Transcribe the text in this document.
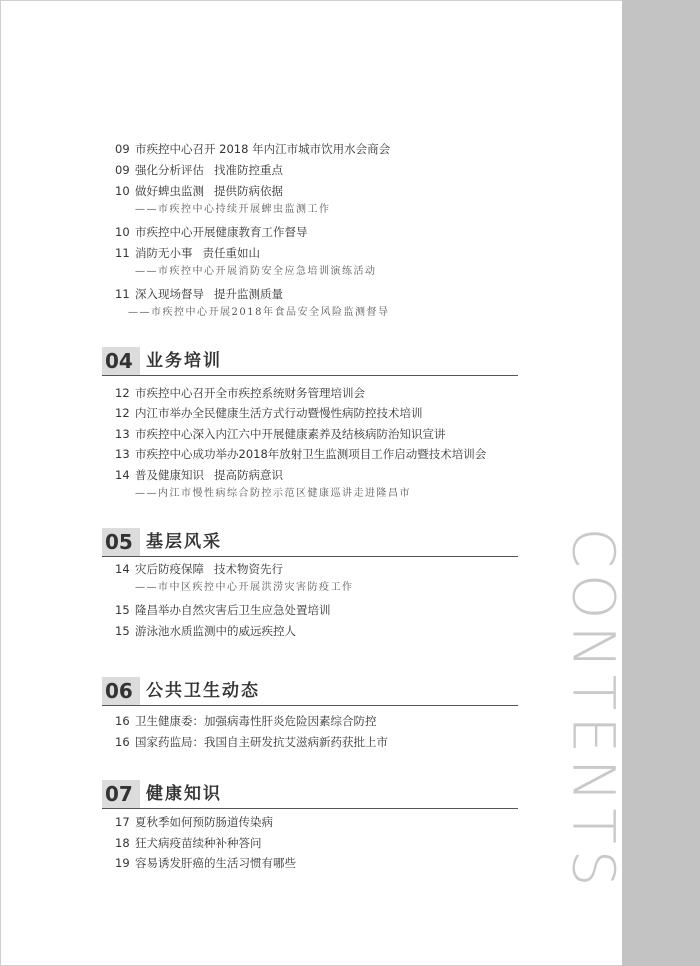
CONTENTS
09 市疾控中心召开 2018 年内江市城市饮用水会商会
09 强化分析评估 找准防控重点
10 做好蜱虫监测 提供防病依据
——市疾控中心持续开展蜱虫监测工作
10 市疾控中心开展健康教育工作督导
11 消防无小事 责任重如山
——市疾控中心开展消防安全应急培训演练活动
11 深入现场督导 提升监测质量
——市疾控中心开展2018年食品安全风险监测督导
04 业务培训
12 市疾控中心召开全市疾控系统财务管理培训会
12 内江市举办全民健康生活方式行动暨慢性病防控技术培训
13 市疾控中心深入内江六中开展健康素养及结核病防治知识宣讲
13 市疾控中心成功举办2018年放射卫生监测项目工作启动暨技术培训会
14 普及健康知识 提高防病意识
——内江市慢性病综合防控示范区健康巡讲走进隆昌市
05 基层风采
14 灾后防疫保障 技术物资先行
——市中区疾控中心开展洪涝灾害防疫工作
15 隆昌举办自然灾害后卫生应急处置培训
15 游泳池水质监测中的威远疾控人
06 公共卫生动态
16 卫生健康委：加强病毒性肝炎危险因素综合防控
16 国家药监局：我国自主研发抗艾滋病新药获批上市
07 健康知识
17 夏秋季如何预防肠道传染病
18 狂犬病疫苗续种补种答问
19 容易诱发肝癌的生活习惯有哪些
